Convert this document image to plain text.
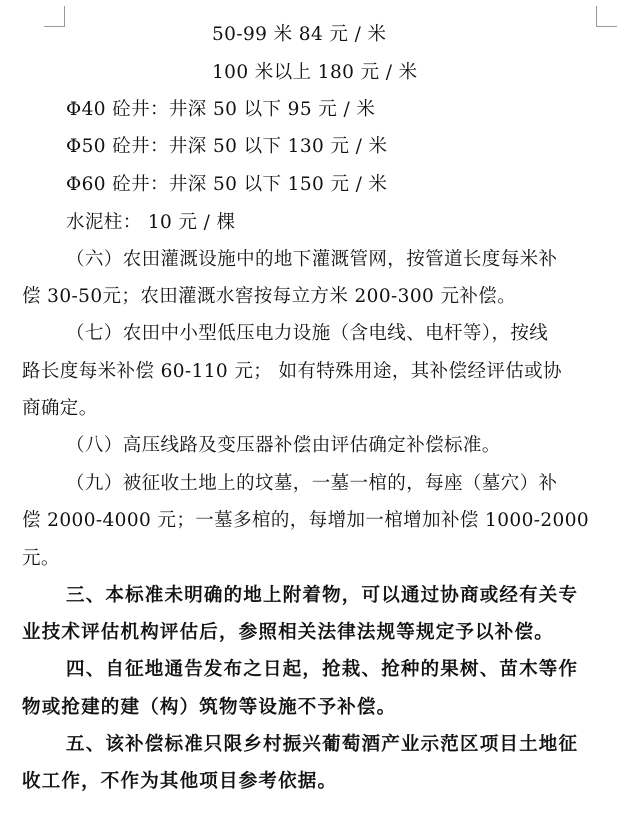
50-99 米 84 元 / 米

100 米以上 180 元 / 米

Φ40 砼井：井深 50 以下 95 元 / 米

Φ50 砼井：井深 50 以下 130 元 / 米

Φ60 砼井：井深 50 以下 150 元 / 米

水泥柱： 10 元 / 棵

（六）农田灌溉设施中的地下灌溉管网，按管道长度每米补

偿 30-50元；农田灌溉水窖按每立方米 200-300 元补偿。

（七）农田中小型低压电力设施（含电线、电杆等），按线

路长度每米补偿 60-110 元； 如有特殊用途，其补偿经评估或协

商确定。

（八）高压线路及变压器补偿由评估确定补偿标准。

（九）被征收土地上的坟墓，一墓一棺的，每座（墓穴）补

偿 2000-4000 元；一墓多棺的，每增加一棺增加补偿 1000-2000

元。

三、本标准未明确的地上附着物，可以通过协商或经有关专

业技术评估机构评估后，参照相关法律法规等规定予以补偿。

四、自征地通告发布之日起，抢栽、抢种的果树、苗木等作

物或抢建的建（构）筑物等设施不予补偿。

五、该补偿标准只限乡村振兴葡萄酒产业示范区项目土地征

收工作，不作为其他项目参考依据。
